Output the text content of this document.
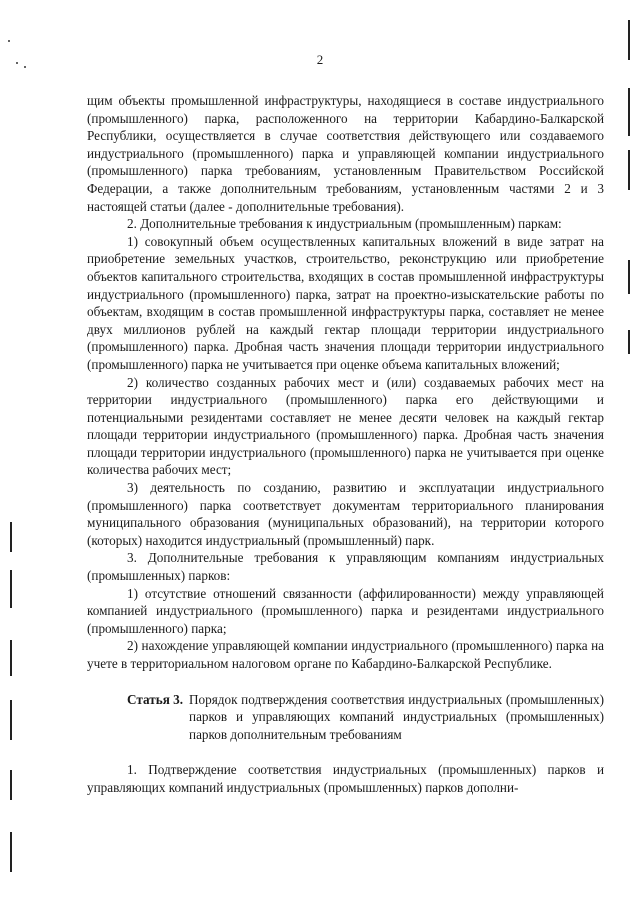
2

щим объекты промышленной инфраструктуры, находящиеся в составе индустриального (промышленного) парка, расположенного на территории Кабардино-Балкарской Республики, осуществляется в случае соответствия действующего или создаваемого индустриального (промышленного) парка и управляющей компании индустриального (промышленного) парка требованиям, установленным Правительством Российской Федерации, а также дополнительным требованиям, установленным частями 2 и 3 настоящей статьи (далее - дополнительные требования).

2. Дополнительные требования к индустриальным (промышленным) паркам:

1) совокупный объем осуществленных капитальных вложений в виде затрат на приобретение земельных участков, строительство, реконструкцию или приобретение объектов капитального строительства, входящих в состав промышленной инфраструктуры индустриального (промышленного) парка, затрат на проектно-изыскательские работы по объектам, входящим в состав промышленной инфраструктуры парка, составляет не менее двух миллионов рублей на каждый гектар площади территории индустриального (промышленного) парка. Дробная часть значения площади территории индустриального (промышленного) парка не учитывается при оценке объема капитальных вложений;

2) количество созданных рабочих мест и (или) создаваемых рабочих мест на территории индустриального (промышленного) парка его действующими и потенциальными резидентами составляет не менее десяти человек на каждый гектар площади территории индустриального (промышленного) парка. Дробная часть значения площади территории индустриального (промышленного) парка не учитывается при оценке количества рабочих мест;

3) деятельность по созданию, развитию и эксплуатации индустриального (промышленного) парка соответствует документам территориального планирования муниципального образования (муниципальных образований), на территории которого (которых) находится индустриальный (промышленный) парк.

3. Дополнительные требования к управляющим компаниям индустриальных (промышленных) парков:

1) отсутствие отношений связанности (аффилированности) между управляющей компанией индустриального (промышленного) парка и резидентами индустриального (промышленного) парка;

2) нахождение управляющей компании индустриального (промышленного) парка на учете в территориальном налоговом органе по Кабардино-Балкарской Республике.

Статья 3. Порядок подтверждения соответствия индустриальных (промышленных) парков и управляющих компаний индустриальных (промышленных) парков дополнительным требованиям

1. Подтверждение соответствия индустриальных (промышленных) парков и управляющих компаний индустриальных (промышленных) парков дополни-
